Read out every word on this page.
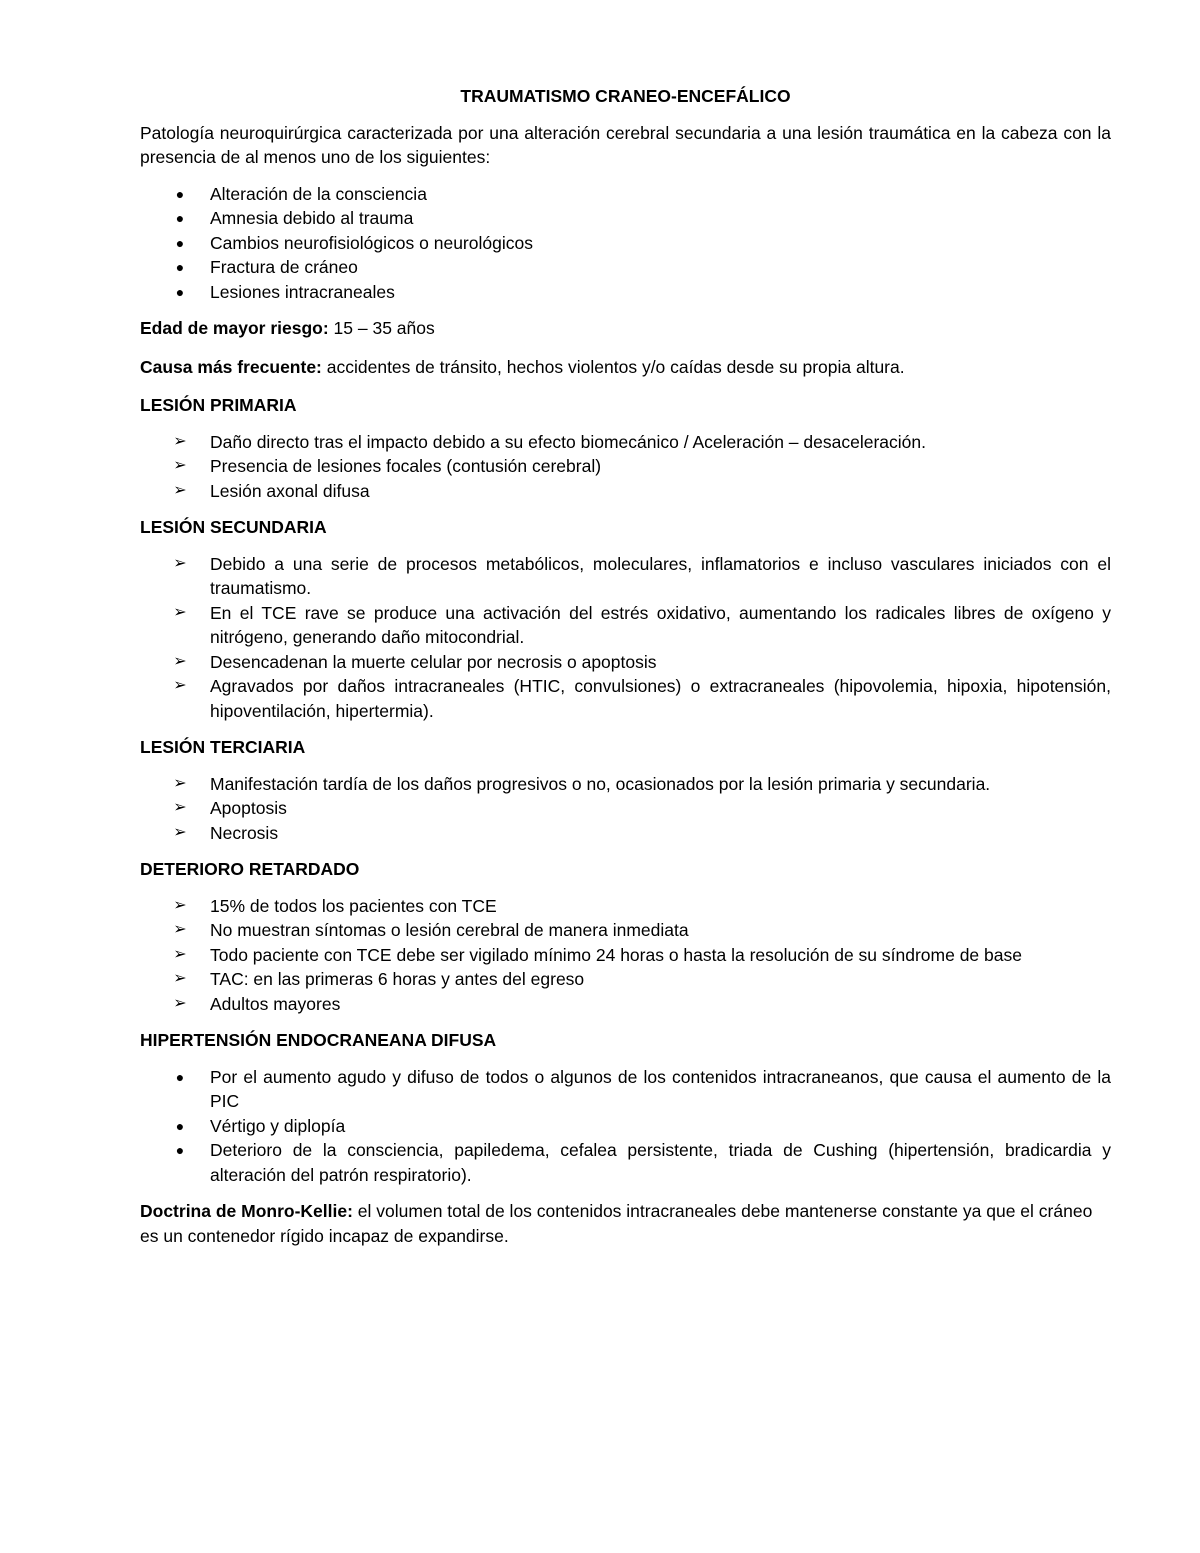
TRAUMATISMO CRANEO-ENCEFÁLICO

Patología neuroquirúrgica caracterizada por una alteración cerebral secundaria a una lesión traumática en la cabeza con la presencia de al menos uno de los siguientes:

●	Alteración de la consciencia
●	Amnesia debido al trauma
●	Cambios neurofisiológicos o neurológicos
●	Fractura de cráneo
●	Lesiones intracraneales

Edad de mayor riesgo: 15 – 35 años

Causa más frecuente: accidentes de tránsito, hechos violentos y/o caídas desde su propia altura.

LESIÓN PRIMARIA
➢ Daño directo tras el impacto debido a su efecto biomecánico / Aceleración – desaceleración.
➢ Presencia de lesiones focales (contusión cerebral)
➢ Lesión axonal difusa
LESIÓN SECUNDARIA
➢ Debido a una serie de procesos metabólicos, moleculares, inflamatorios e incluso vasculares iniciados con el traumatismo.
➢ En el TCE rave se produce una activación del estrés oxidativo, aumentando los radicales libres de oxígeno y nitrógeno, generando daño mitocondrial.
➢ Desencadenan la muerte celular por necrosis o apoptosis
➢ Agravados por daños intracraneales (HTIC, convulsiones) o extracraneales (hipovolemia, hipoxia, hipotensión, hipoventilación, hipertermia).
LESIÓN TERCIARIA
➢ Manifestación tardía de los daños progresivos o no, ocasionados por la lesión primaria y secundaria.
➢ Apoptosis
➢ Necrosis
DETERIORO RETARDADO
➢ 15% de todos los pacientes con TCE
➢ No muestran síntomas o lesión cerebral de manera inmediata
➢ Todo paciente con TCE debe ser vigilado mínimo 24 horas o hasta la resolución de su síndrome de base
➢ TAC: en las primeras 6 horas y antes del egreso
➢ Adultos mayores
HIPERTENSIÓN ENDOCRANEANA DIFUSA
●	Por el aumento agudo y difuso de todos o algunos de los contenidos intracraneanos, que causa el aumento de la PIC
●	Vértigo y diplopía
●	Deterioro de la consciencia, papiledema, cefalea persistente, triada de Cushing (hipertensión, bradicardia y alteración del patrón respiratorio).

Doctrina de Monro-Kellie: el volumen total de los contenidos intracraneales debe mantenerse constante ya que el cráneo es un contenedor rígido incapaz de expandirse.
